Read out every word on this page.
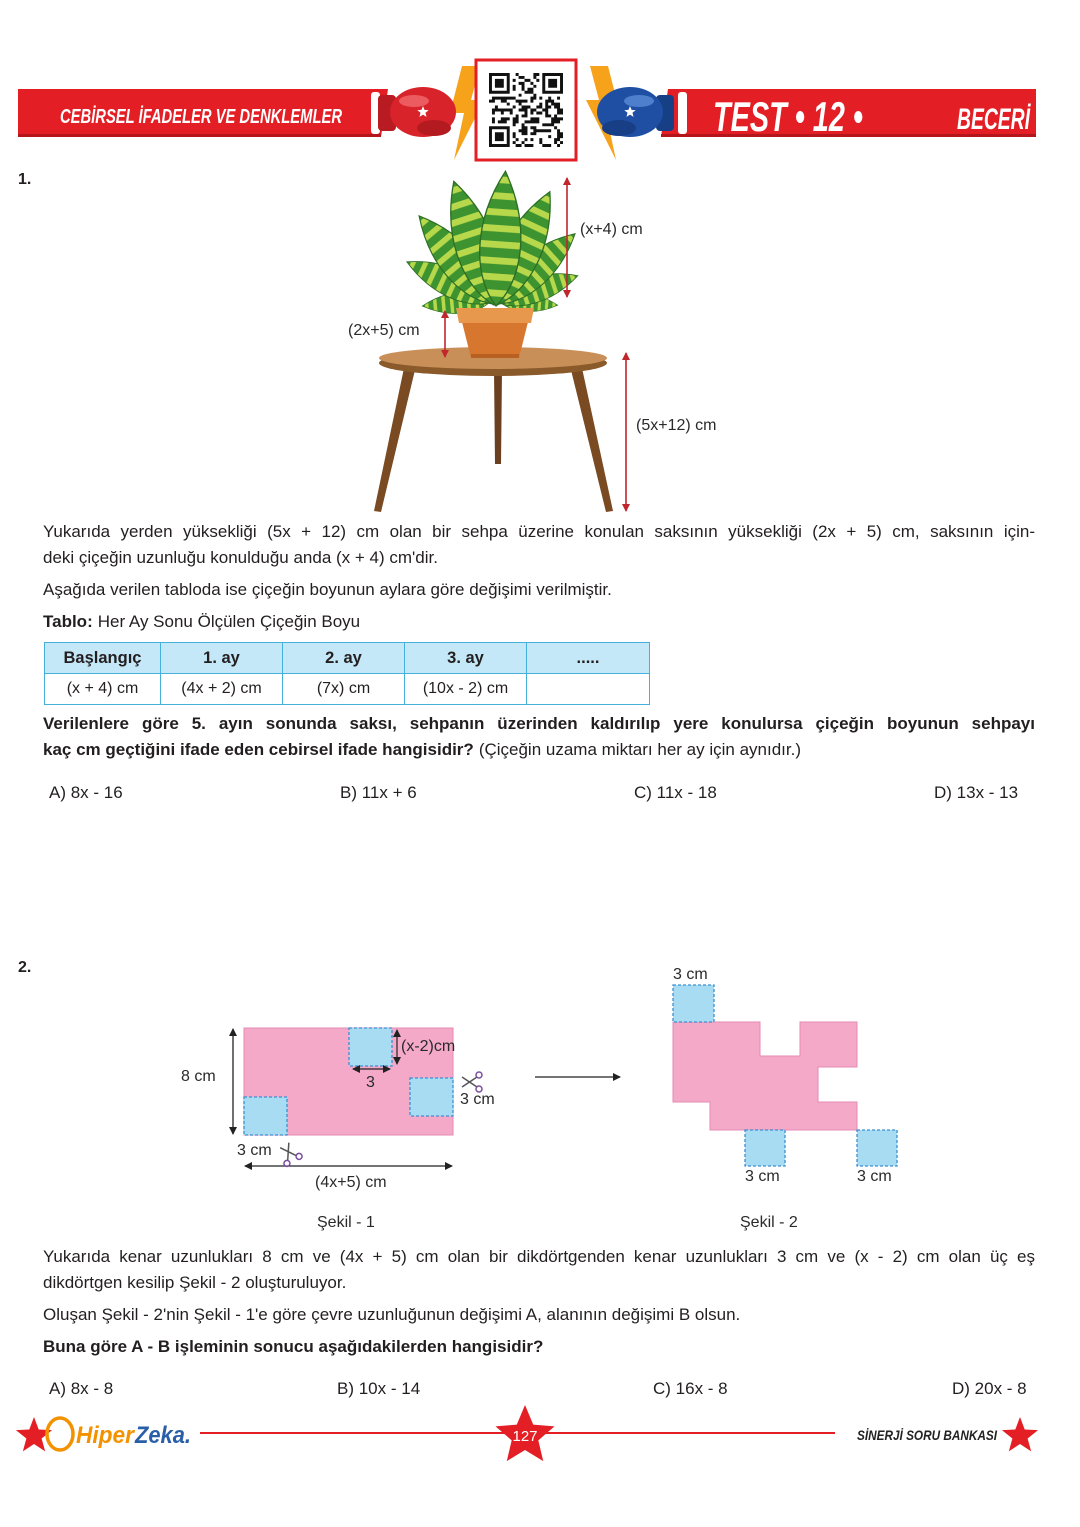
CEBİRSEL İFADELER VE DENKLEMLER	TEST • 12 •	BECERİ
1.
(x+4) cm
(2x+5) cm
(5x+12) cm
Yukarıda yerden yüksekliği (5x + 12) cm olan bir sehpa üzerine konulan saksının yüksekliği (2x + 5) cm, saksının için-
deki çiçeğin uzunluğu konulduğu anda (x + 4) cm'dir.
Aşağıda verilen tabloda ise çiçeğin boyunun aylara göre değişimi verilmiştir.
Tablo: Her Ay Sonu Ölçülen Çiçeğin Boyu
Başlangıç	1. ay	2. ay	3. ay	.....
(x + 4) cm	(4x + 2) cm	(7x) cm	(10x - 2) cm	
Verilenlere göre 5. ayın sonunda saksı, sehpanın üzerinden kaldırılıp yere konulursa çiçeğin boyunun sehpayı
kaç cm geçtiğini ifade eden cebirsel ifade hangisidir? (Çiçeğin uzama miktarı her ay için aynıdır.)
A) 8x - 16	B) 11x + 6	C) 11x - 18	D) 13x - 13
2.
8 cm
(x-2)cm
3
3 cm
3 cm
(4x+5) cm
3 cm
3 cm	3 cm
Şekil - 1	Şekil - 2
Yukarıda kenar uzunlukları 8 cm ve (4x + 5) cm olan bir dikdörtgenden kenar uzunlukları 3 cm ve (x - 2) cm olan üç eş
dikdörtgen kesilip Şekil - 2 oluşturuluyor.
Oluşan Şekil - 2'nin Şekil - 1'e göre çevre uzunluğunun değişimi A, alanının değişimi B olsun.
Buna göre A - B işleminin sonucu aşağıdakilerden hangisidir?
A) 8x - 8	B) 10x - 14	C) 16x - 8	D) 20x - 8
Hiper
Zeka.	127	SİNERJİ SORU BANKASI
